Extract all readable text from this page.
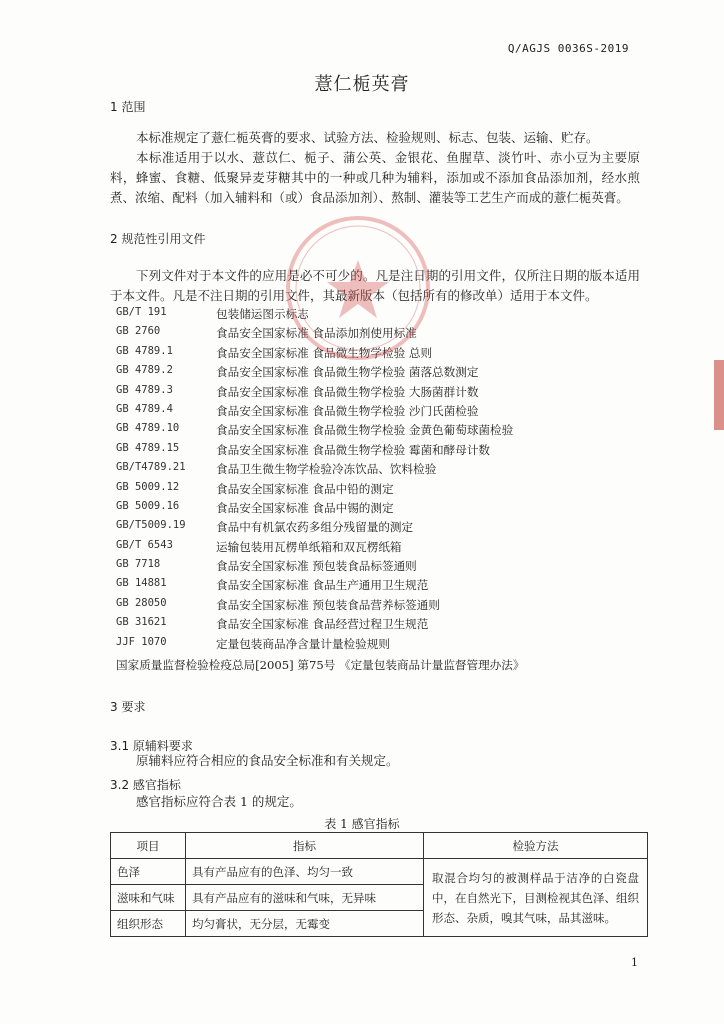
Q/AGJS 0036S-2019
薏仁栀英膏
1 范围
本标准规定了薏仁栀英膏的要求、试验方法、检验规则、标志、包装、运输、贮存。
本标准适用于以水、薏苡仁、栀子、蒲公英、金银花、鱼腥草、淡竹叶、赤小豆为主要原料，蜂蜜、食糖、低聚异麦芽糖其中的一种或几种为辅料，添加或不添加食品添加剂，经水煎煮、浓缩、配料（加入辅料和（或）食品添加剂）、熬制、灌装等工艺生产而成的薏仁栀英膏。
2 规范性引用文件
下列文件对于本文件的应用是必不可少的。凡是注日期的引用文件，仅所注日期的版本适用于本文件。凡是不注日期的引用文件，其最新版本（包括所有的修改单）适用于本文件。
GB/T 191	包装储运图示标志
GB 2760	食品安全国家标准 食品添加剂使用标准
GB 4789.1	食品安全国家标准 食品微生物学检验 总则
GB 4789.2	食品安全国家标准 食品微生物学检验 菌落总数测定
GB 4789.3	食品安全国家标准 食品微生物学检验 大肠菌群计数
GB 4789.4	食品安全国家标准 食品微生物学检验 沙门氏菌检验
GB 4789.10	食品安全国家标准 食品微生物学检验 金黄色葡萄球菌检验
GB 4789.15	食品安全国家标准 食品微生物学检验 霉菌和酵母计数
GB/T4789.21	食品卫生微生物学检验冷冻饮品、饮料检验
GB 5009.12	食品安全国家标准 食品中铅的测定
GB 5009.16	食品安全国家标准 食品中锡的测定
GB/T5009.19	食品中有机氯农药多组分残留量的测定
GB/T 6543	运输包装用瓦楞单纸箱和双瓦楞纸箱
GB 7718	食品安全国家标准 预包装食品标签通则
GB 14881	食品安全国家标准 食品生产通用卫生规范
GB 28050	食品安全国家标准 预包装食品营养标签通则
GB 31621	食品安全国家标准 食品经营过程卫生规范
JJF 1070	定量包装商品净含量计量检验规则
国家质量监督检验检疫总局[2005] 第75号 《定量包装商品计量监督管理办法》
3 要求
3.1 原辅料要求
原辅料应符合相应的食品安全标准和有关规定。
3.2 感官指标
感官指标应符合表 1 的规定。
表 1 感官指标
项目	指标	检验方法
色泽	具有产品应有的色泽、均匀一致	取混合均匀的被测样品于洁净的白瓷盘中，在自然光下，目测检视其色泽、组织形态、杂质，嗅其气味，品其滋味。
滋味和气味	具有产品应有的滋味和气味，无异味	
组织形态	均匀膏状，无分层，无霉变	
1
